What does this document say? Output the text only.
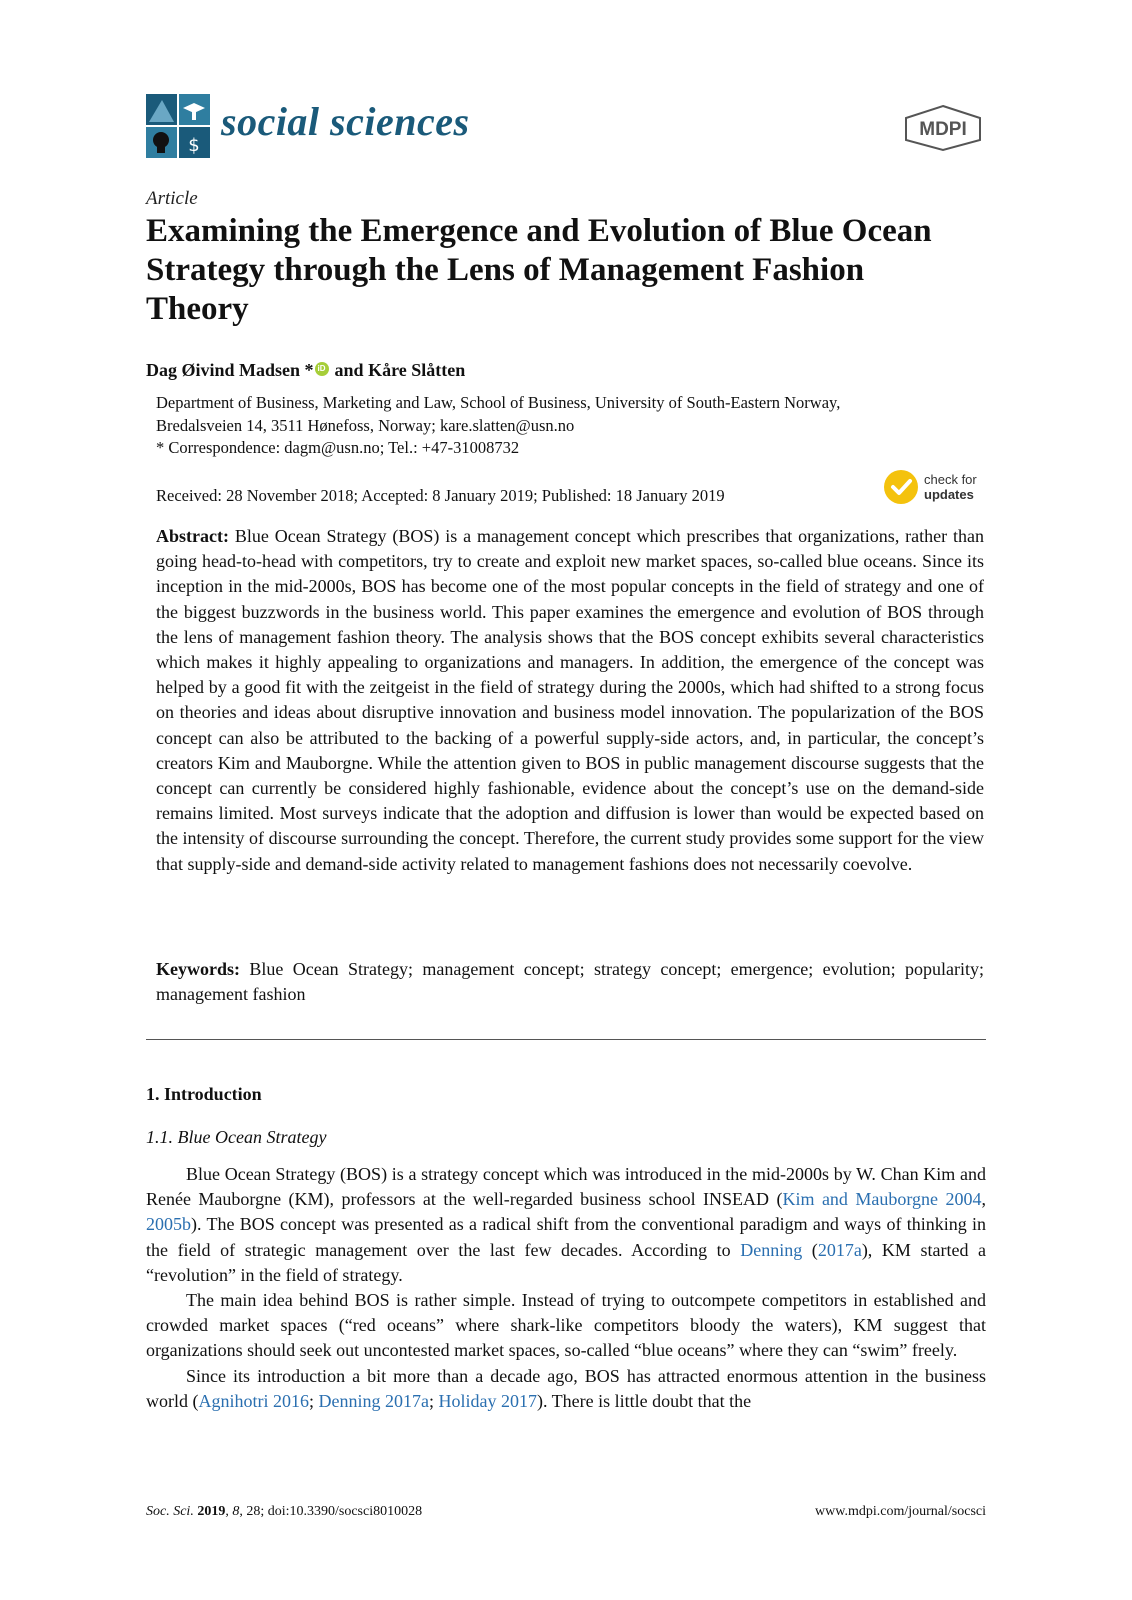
$
social sciences	MDPI
Article
Examining the Emergence and Evolution of Blue Ocean Strategy through the Lens of Management Fashion Theory
Dag Øivind Madsen * iD and Kåre Slåtten

Department of Business, Marketing and Law, School of Business, University of South-Eastern Norway,

Bredalsveien 14, 3511 Hønefoss, Norway; kare.slatten@usn.no

* Correspondence: dagm@usn.no; Tel.: +47-31008732

Received: 28 November 2018; Accepted: 8 January 2019; Published: 18 January 2019
check for
updates

Abstract: Blue Ocean Strategy (BOS) is a management concept which prescribes that organizations, rather than going head-to-head with competitors, try to create and exploit new market spaces, so-called blue oceans. Since its inception in the mid-2000s, BOS has become one of the most popular concepts in the field of strategy and one of the biggest buzzwords in the business world. This paper examines the emergence and evolution of BOS through the lens of management fashion theory. The analysis shows that the BOS concept exhibits several characteristics which makes it highly appealing to organizations and managers. In addition, the emergence of the concept was helped by a good fit with the zeitgeist in the field of strategy during the 2000s, which had shifted to a strong focus on theories and ideas about disruptive innovation and business model innovation. The popularization of the BOS concept can also be attributed to the backing of a powerful supply-side actors, and, in particular, the concept’s creators Kim and Mauborgne. While the attention given to BOS in public management discourse suggests that the concept can currently be considered highly fashionable, evidence about the concept’s use on the demand-side remains limited. Most surveys indicate that the adoption and diffusion is lower than would be expected based on the intensity of discourse surrounding the concept. Therefore, the current study provides some support for the view that supply-side and demand-side activity related to management fashions does not necessarily coevolve.

Keywords: Blue Ocean Strategy; management concept; strategy concept; emergence; evolution; popularity; management fashion

1. Introduction
1.1. Blue Ocean Strategy

Blue Ocean Strategy (BOS) is a strategy concept which was introduced in the mid-2000s by W. Chan Kim and Renée Mauborgne (KM), professors at the well-regarded business school INSEAD (Kim and Mauborgne 2004, 2005b). The BOS concept was presented as a radical shift from the conventional paradigm and ways of thinking in the field of strategic management over the last few decades. According to Denning (2017a), KM started a “revolution” in the field of strategy.

The main idea behind BOS is rather simple. Instead of trying to outcompete competitors in established and crowded market spaces (“red oceans” where shark-like competitors bloody the waters), KM suggest that organizations should seek out uncontested market spaces, so-called “blue oceans” where they can “swim” freely.

Since its introduction a bit more than a decade ago, BOS has attracted enormous attention in the business world (Agnihotri 2016; Denning 2017a; Holiday 2017). There is little doubt that the

Soc. Sci. 2019, 8, 28; doi:10.3390/socsci8010028	www.mdpi.com/journal/socsci
